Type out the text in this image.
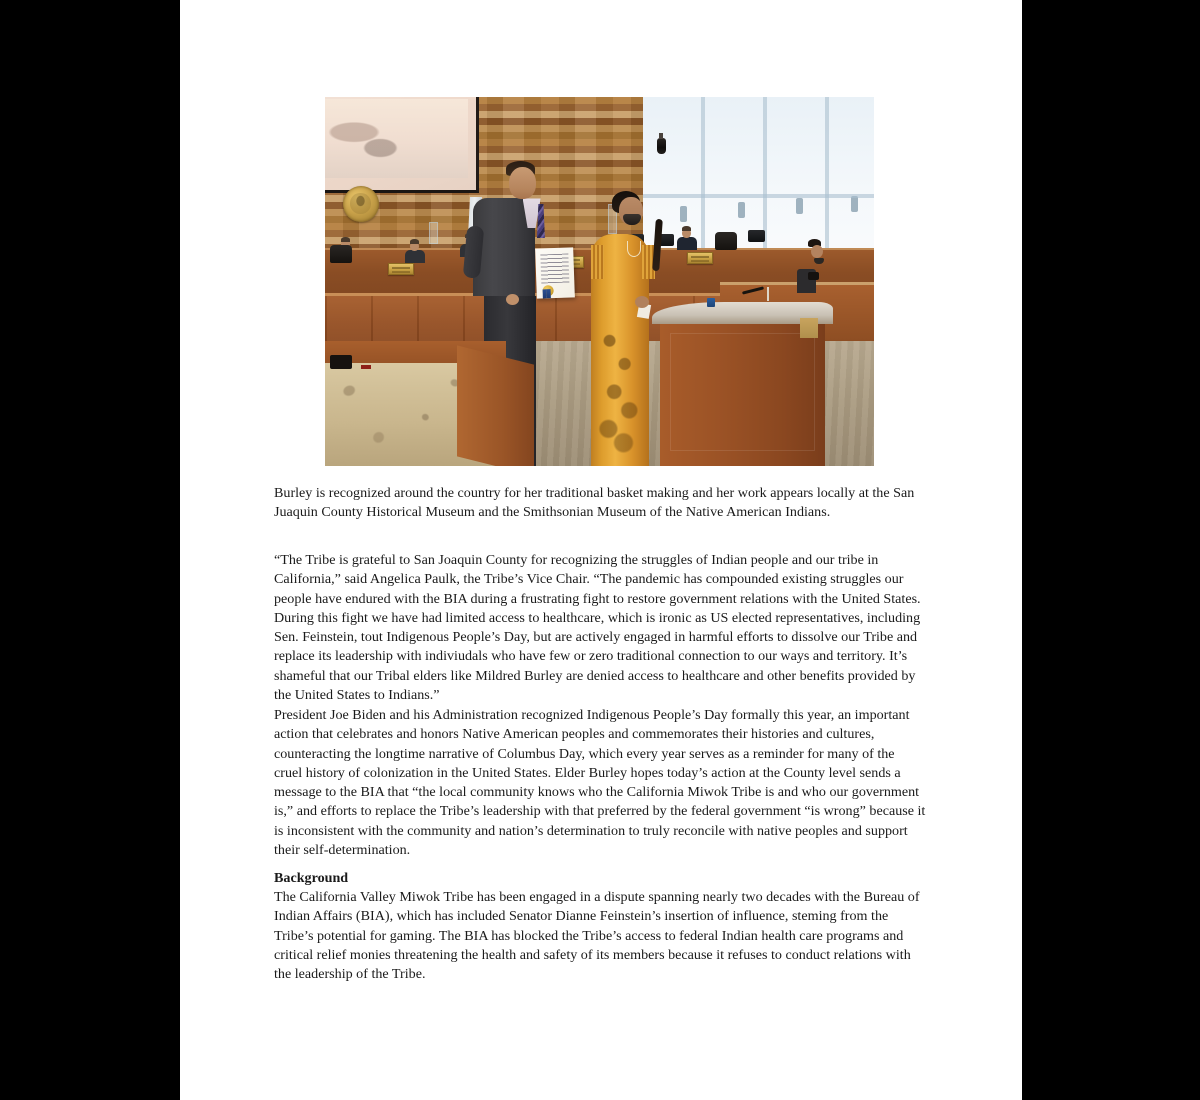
Burley is recognized around the country for her traditional basket making and her work appears locally at the San Juaquin County Historical Museum and the Smithsonian Museum of the Native American Indians.

“The Tribe is grateful to San Joaquin County for recognizing the struggles of Indian people and our tribe in California,” said Angelica Paulk, the Tribe’s Vice Chair. “The pandemic has compounded existing struggles our people have endured with the BIA during a frustrating fight to restore government relations with the United States. During this fight we have had limited access to healthcare, which is ironic as US elected representatives, including Sen. Feinstein, tout Indigenous People’s Day, but are actively engaged in harmful efforts to dissolve our Tribe and replace its leadership with indiviudals who have few or zero traditional connection to our ways and territory. It’s shameful that our Tribal elders like Mildred Burley are denied access to healthcare and other benefits provided by the United States to Indians.”

President Joe Biden and his Administration recognized Indigenous People’s Day formally this year, an important action that celebrates and honors Native American peoples and commemorates their histories and cultures, counteracting the longtime narrative of Columbus Day, which every year serves as a reminder for many of the cruel history of colonization in the United States. Elder Burley hopes today’s action at the County level sends a message to the BIA that “the local community knows who the California Miwok Tribe is and who our government is,” and efforts to replace the Tribe’s leadership with that preferred by the federal government “is wrong” because it is inconsistent with the community and nation’s determination to truly reconcile with native peoples and support their self-determination.

Background

The California Valley Miwok Tribe has been engaged in a dispute spanning nearly two decades with the Bureau of Indian Affairs (BIA), which has included Senator Dianne Feinstein’s insertion of influence, steming from the Tribe’s potential for gaming. The BIA has blocked the Tribe’s access to federal Indian health care programs and critical relief monies threatening the health and safety of its members because it refuses to conduct relations with the leadership of the Tribe.
